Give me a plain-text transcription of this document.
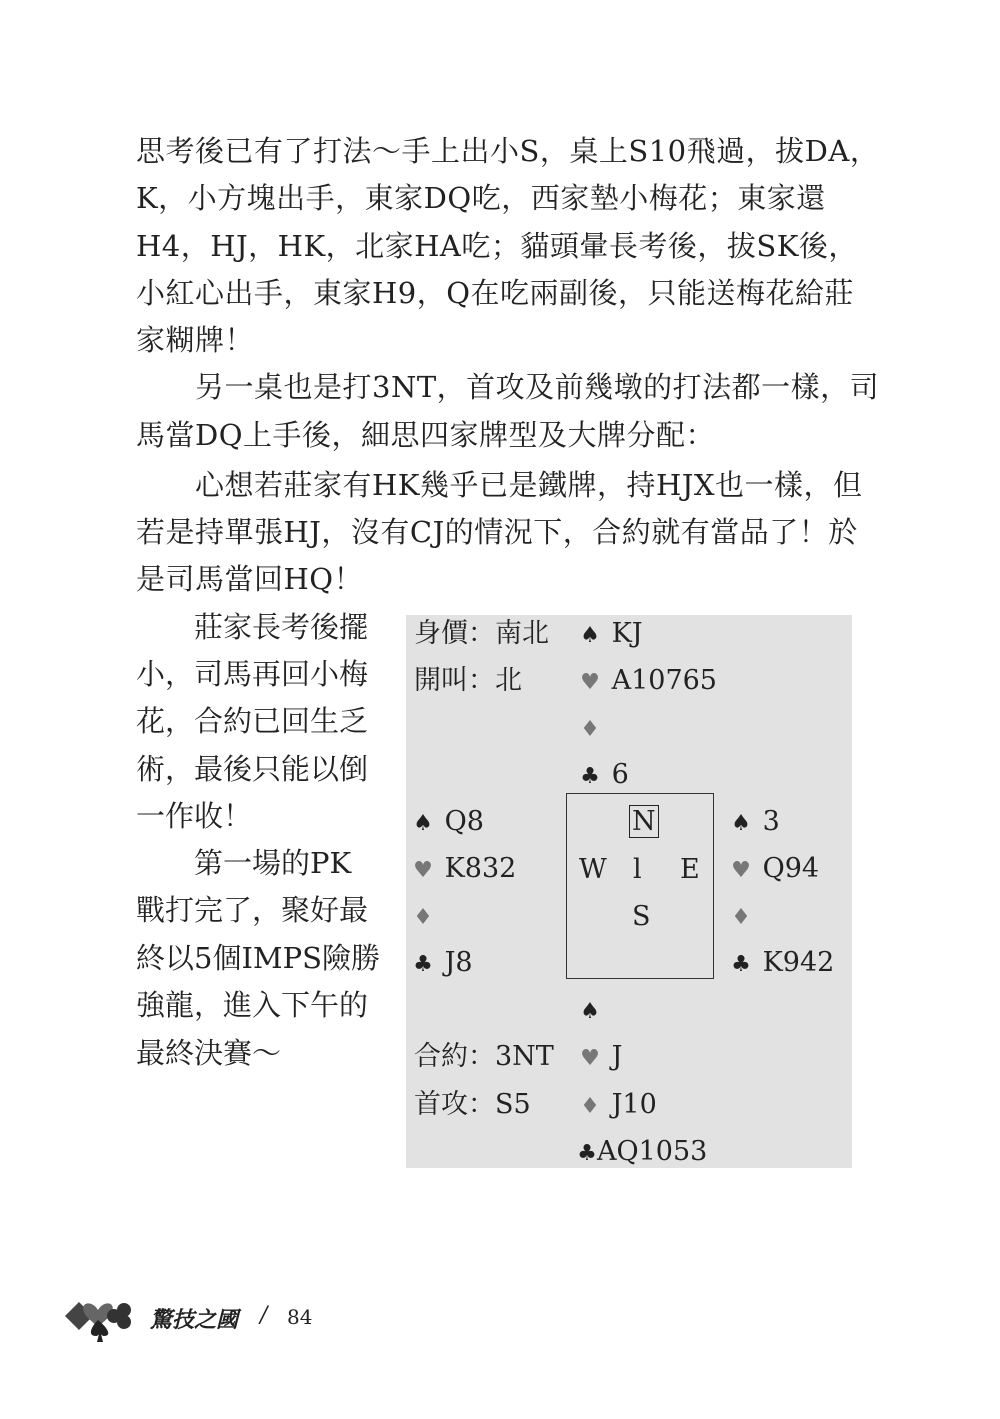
思考後已有了打法～手上出小S，桌上S10飛過，拔DA，
K，小方塊出手，東家DQ吃，西家墊小梅花；東家還
H4，HJ，HK，北家HA吃；貓頭暈長考後，拔SK後，
小紅心出手，東家H9，Q在吃兩副後，只能送梅花給莊
家糊牌！
　　另一桌也是打3NT，首攻及前幾墩的打法都一樣，司
馬當DQ上手後，細思四家牌型及大牌分配：
　　心想若莊家有HK幾乎已是鐵牌，持HJX也一樣，但
若是持單張HJ，沒有CJ的情況下，合約就有當品了！於
是司馬當回HQ！
　　莊家長考後擺
小，司馬再回小梅
花，合約已回生乏
術，最後只能以倒
一作收！
　　第一場的PK
戰打完了，聚好最
終以5個IMPS險勝
強龍，進入下午的
最終決賽～
身價：南北
開叫：北
合約：3NT
首攻：S5
♠ KJ
♥ A10765
♦
♣ 6
♠ Q8
♥ K832
♦
♣ J8
N
W l E
S
♠ 3
♥ Q94
♦
♣ K942
♠
♥ J
♦ J10
♣AQ1053
驚技之國 / 84
